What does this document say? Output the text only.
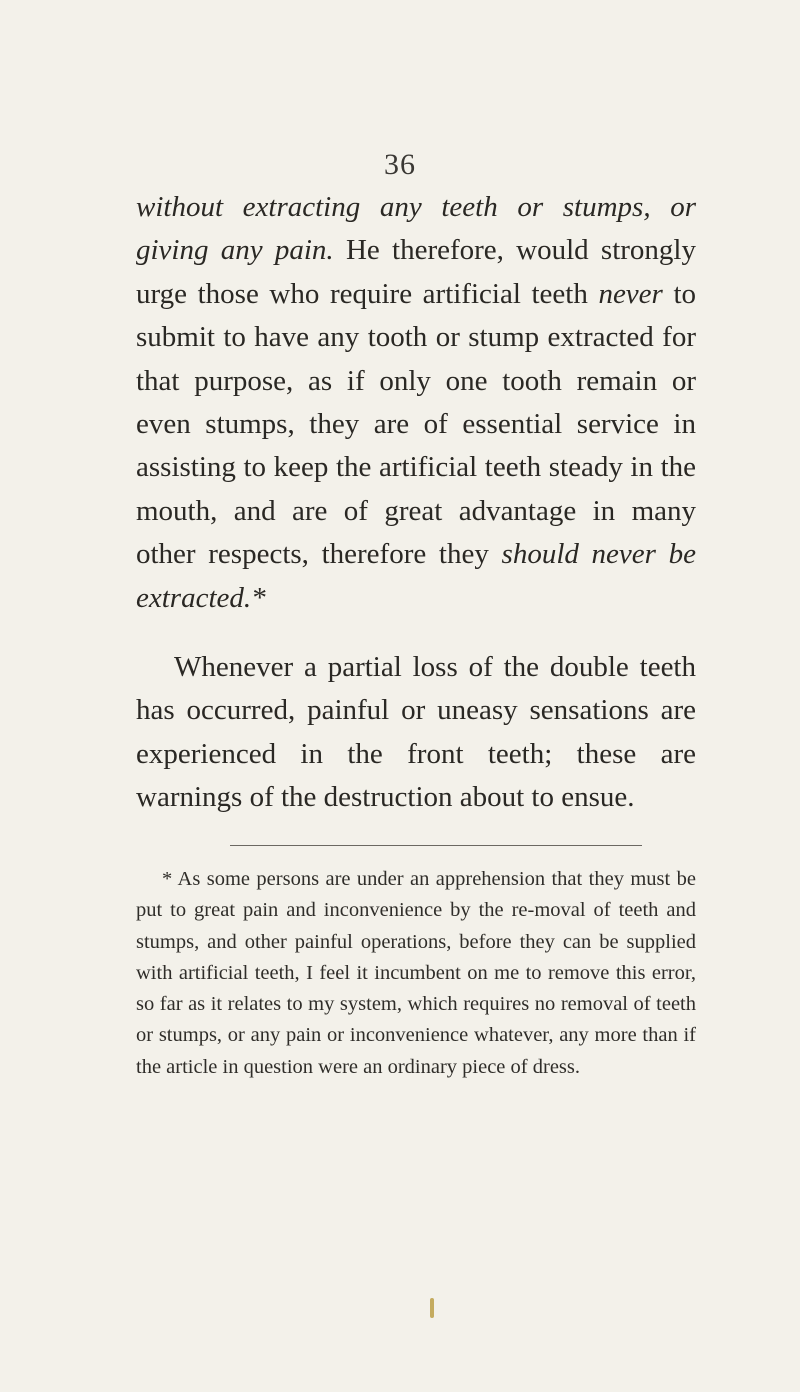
36

without extracting any teeth or stumps, or giving any pain. He therefore, would strongly urge those who require artificial teeth never to submit to have any tooth or stump extracted for that purpose, as if only one tooth remain or even stumps, they are of essential service in assisting to keep the artificial teeth steady in the mouth, and are of great advantage in many other respects, therefore they should never be extracted.*

Whenever a partial loss of the double teeth has occurred, painful or uneasy sensations are experienced in the front teeth; these are warnings of the destruction about to ensue.

* As some persons are under an apprehension that they must be put to great pain and inconvenience by the re-moval of teeth and stumps, and other painful operations, before they can be supplied with artificial teeth, I feel it incumbent on me to remove this error, so far as it relates to my system, which requires no removal of teeth or stumps, or any pain or inconvenience whatever, any more than if the article in question were an ordinary piece of dress.
